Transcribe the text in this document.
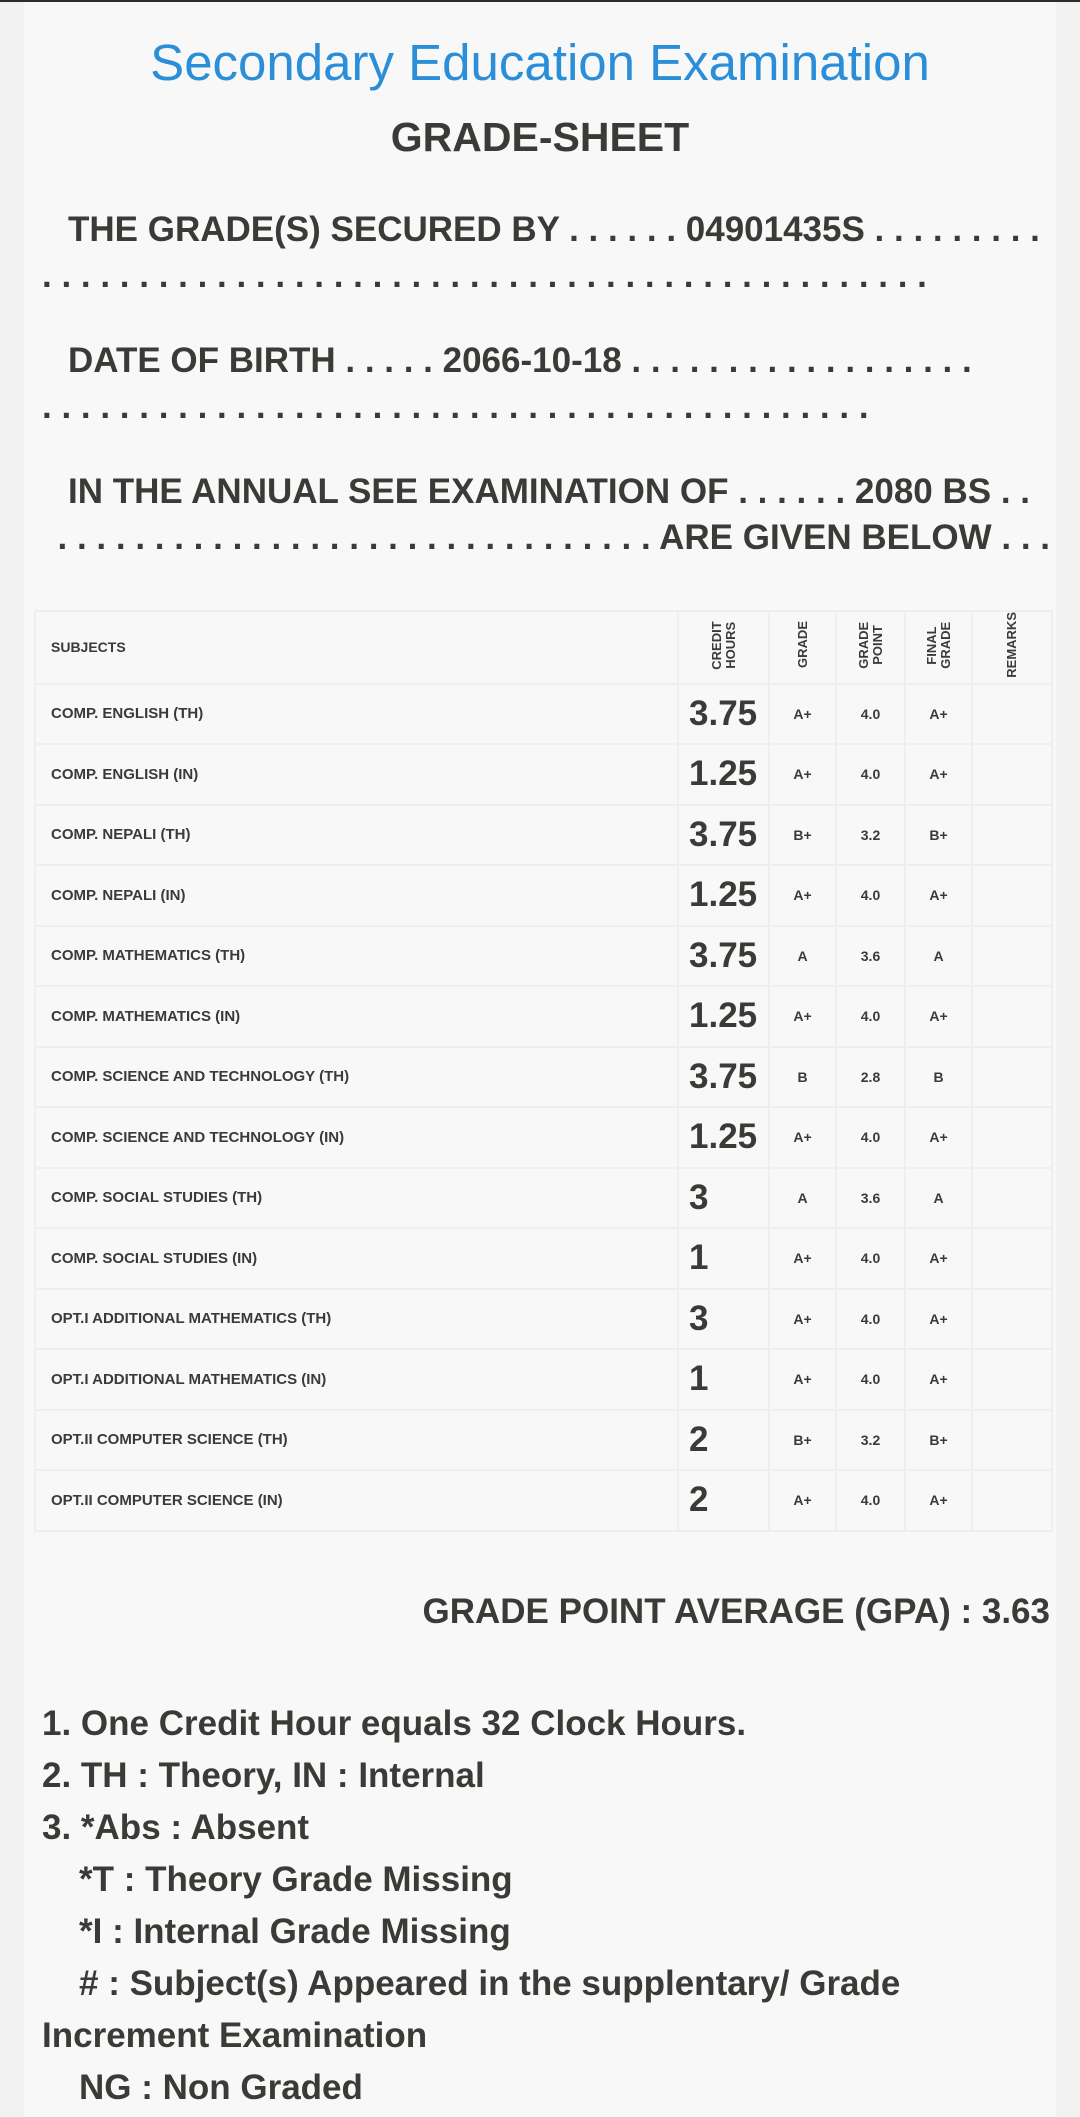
Secondary Education Examination
GRADE-SHEET
THE GRADE(S) SECURED BY . . . . . . 04901435S . . . . . . . . .
. . . . . . . . . . . . . . . . . . . . . . . . . . . . . . . . . . . . . . . . . . . . . .
DATE OF BIRTH . . . . . 2066-10-18 . . . . . . . . . . . . . . . . . .
. . . . . . . . . . . . . . . . . . . . . . . . . . . . . . . . . . . . . . . . . . .
IN THE ANNUAL SEE EXAMINATION OF . . . . . . 2080 BS . .
. . . . . . . . . . . . . . . . . . . . . . . . . . . . . . . ARE GIVEN BELOW . . .
SUBJECTS	CREDIT HOURS	GRADE	GRADE POINT	FINAL GRADE	REMARKS
COMP. ENGLISH (TH)	3.75	A+	4.0	A+	
COMP. ENGLISH (IN)	1.25	A+	4.0	A+	
COMP. NEPALI (TH)	3.75	B+	3.2	B+	
COMP. NEPALI (IN)	1.25	A+	4.0	A+	
COMP. MATHEMATICS (TH)	3.75	A	3.6	A	
COMP. MATHEMATICS (IN)	1.25	A+	4.0	A+	
COMP. SCIENCE AND TECHNOLOGY (TH)	3.75	B	2.8	B	
COMP. SCIENCE AND TECHNOLOGY (IN)	1.25	A+	4.0	A+	
COMP. SOCIAL STUDIES (TH)	3	A	3.6	A	
COMP. SOCIAL STUDIES (IN)	1	A+	4.0	A+	
OPT.I ADDITIONAL MATHEMATICS (TH)	3	A+	4.0	A+	
OPT.I ADDITIONAL MATHEMATICS (IN)	1	A+	4.0	A+	
OPT.II COMPUTER SCIENCE (TH)	2	B+	3.2	B+	
OPT.II COMPUTER SCIENCE (IN)	2	A+	4.0	A+	
GRADE POINT AVERAGE (GPA) : 3.63
1. One Credit Hour equals 32 Clock Hours.
2. TH : Theory, IN : Internal
3. *Abs : Absent
*T : Theory Grade Missing
*I : Internal Grade Missing
# : Subject(s) Appeared in the supplentary/ Grade
Increment Examination
NG : Non Graded
